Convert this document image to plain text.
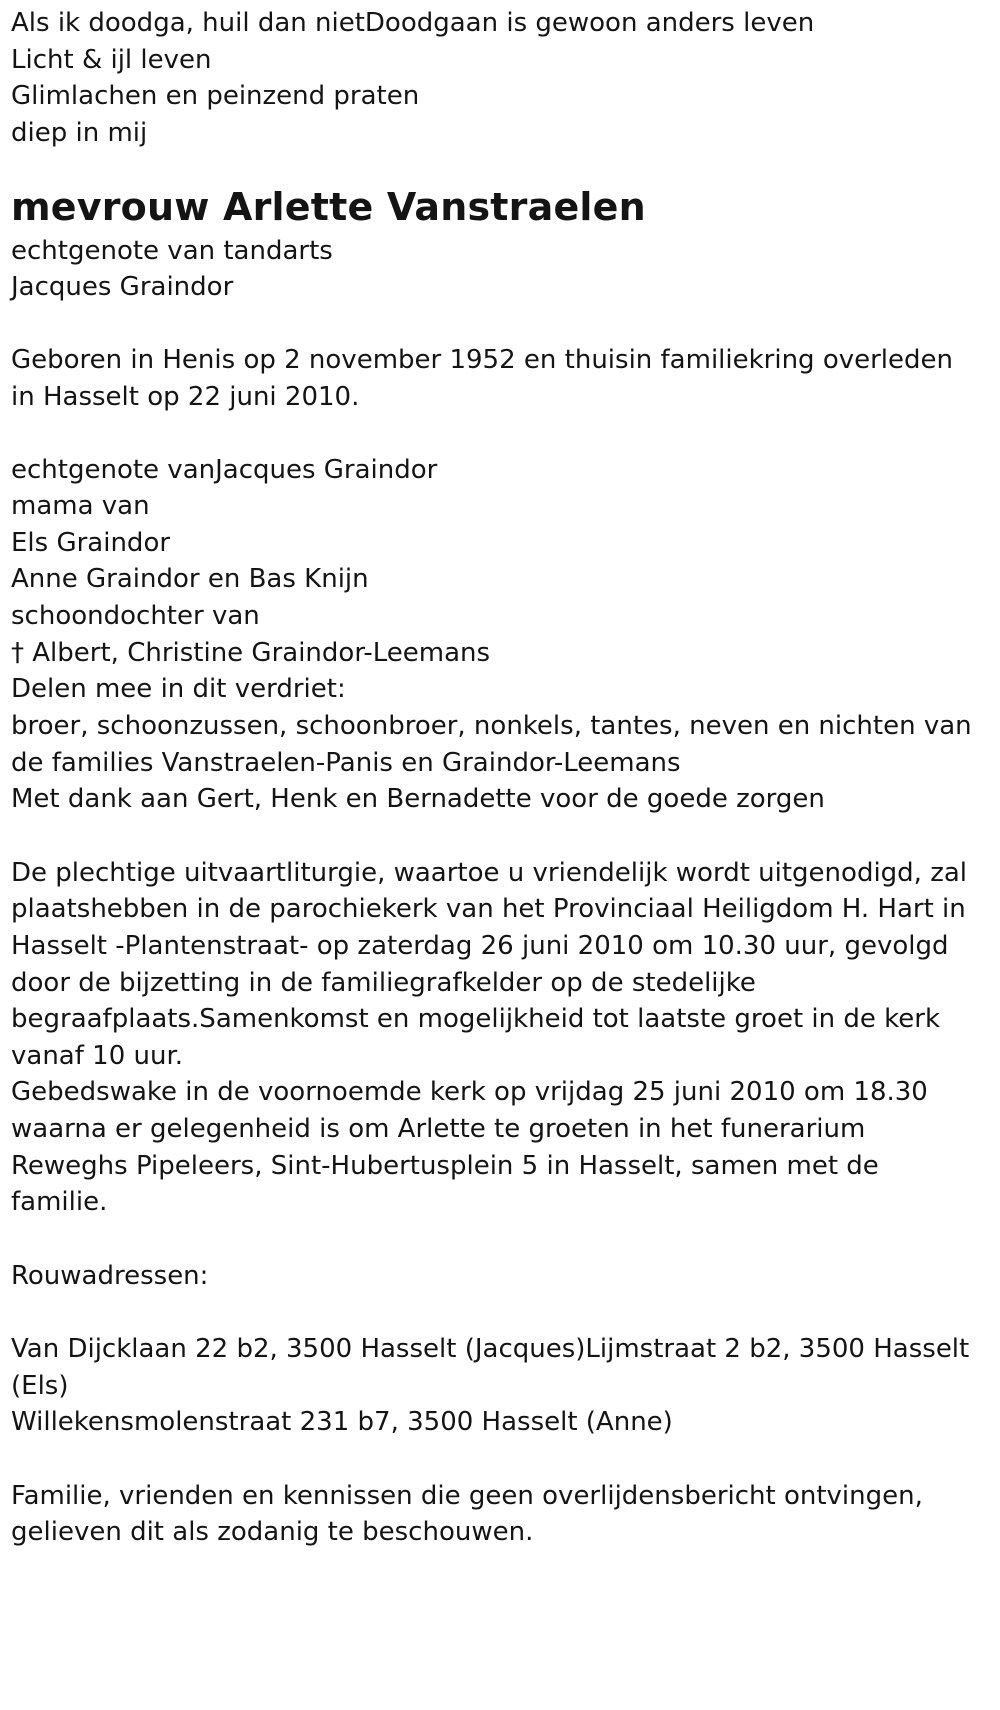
Als ik doodga, huil dan nietDoodgaan is gewoon anders leven
Licht & ijl leven
Glimlachen en peinzend praten
diep in mij
mevrouw Arlette Vanstraelen
echtgenote van tandarts
Jacques Graindor
Geboren in Henis op 2 november 1952 en thuisin familiekring overleden
in Hasselt op 22 juni 2010.
echtgenote vanJacques Graindor
mama van
Els Graindor
Anne Graindor en Bas Knijn
schoondochter van
† Albert, Christine Graindor-Leemans
Delen mee in dit verdriet:
broer, schoonzussen, schoonbroer, nonkels, tantes, neven en nichten van
de families Vanstraelen-Panis en Graindor-Leemans
Met dank aan Gert, Henk en Bernadette voor de goede zorgen
De plechtige uitvaartliturgie, waartoe u vriendelijk wordt uitgenodigd, zal
plaatshebben in de parochiekerk van het Provinciaal Heiligdom H. Hart in
Hasselt -Plantenstraat- op zaterdag 26 juni 2010 om 10.30 uur, gevolgd
door de bijzetting in de familiegrafkelder op de stedelijke
begraafplaats.Samenkomst en mogelijkheid tot laatste groet in de kerk
vanaf 10 uur.
Gebedswake in de voornoemde kerk op vrijdag 25 juni 2010 om 18.30
waarna er gelegenheid is om Arlette te groeten in het funerarium
Reweghs Pipeleers, Sint-Hubertusplein 5 in Hasselt, samen met de
familie.
Rouwadressen:
Van Dijcklaan 22 b2, 3500 Hasselt (Jacques)Lijmstraat 2 b2, 3500 Hasselt
(Els)
Willekensmolenstraat 231 b7, 3500 Hasselt (Anne)
Familie, vrienden en kennissen die geen overlijdensbericht ontvingen,
gelieven dit als zodanig te beschouwen.
